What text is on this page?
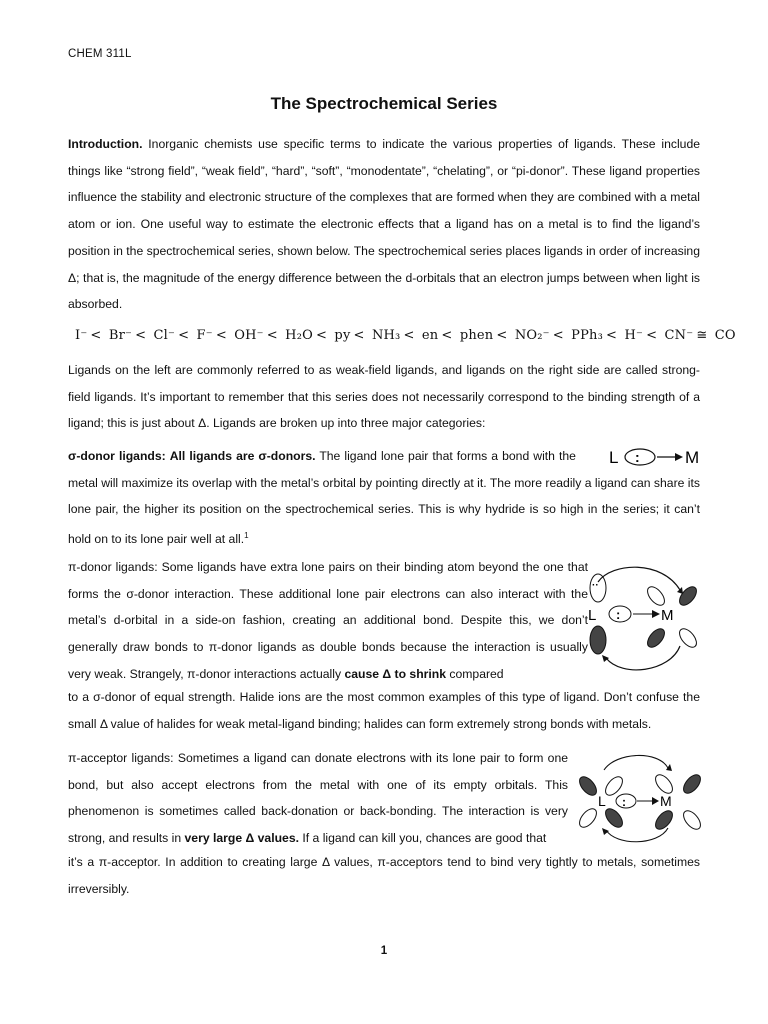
CHEM 311L
The Spectrochemical Series

Introduction. Inorganic chemists use specific terms to indicate the various properties of ligands. These include things like “strong field”, “weak field”, “hard”, “soft”, “monodentate”, “chelating”, or “pi-donor”. These ligand properties influence the stability and electronic structure of the complexes that are formed when they are combined with a metal atom or ion. One useful way to estimate the electronic effects that a ligand has on a metal is to find the ligand’s position in the spectrochemical series, shown below. The spectrochemical series places ligands in order of increasing Δ; that is, the magnitude of the energy difference between the d-orbitals that an electron jumps between when light is absorbed.

I⁻ < Br⁻ < Cl⁻ < F⁻ < OH⁻ < H₂O < py < NH₃ < en < phen < NO₂⁻ < PPh₃ < H⁻ < CN⁻ ≅ CO

Ligands on the left are commonly referred to as weak-field ligands, and ligands on the right side are called strong-field ligands. It’s important to remember that this series does not necessarily correspond to the binding strength of a ligand; this is just about Δ. Ligands are broken up into three major categories:

σ-donor ligands: All ligands are σ-donors. The ligand lone pair that forms a bond with the  metal will maximize its overlap with the metal’s orbital by pointing directly at it. The more readily a ligand can share its lone pair, the higher its position on the spectrochemical series. This is why hydride is so high in the series; it can’t hold on to its lone pair well at all.$^1$

L :	M

π-donor ligands: Some ligands have extra lone pairs on their binding atom beyond the one that forms the σ-donor interaction. These additional lone pair electrons can also interact with the metal’s d-orbital in a side-on fashion, creating an additional bond. Despite this, we don’t generally draw bonds to π-donor ligands as double bonds because the interaction is usually very weak. Strangely, π-donor interactions actually cause Δ to shrink compared

to a σ-donor of equal strength. Halide ions are the most common examples of this type of ligand. Don’t confuse the small Δ value of halides for weak metal-ligand binding; halides can form extremely strong bonds with metals.

··
L :	M

π-acceptor ligands: Sometimes a ligand can donate electrons with its lone pair to form one bond, but also accept electrons from the metal with one of its empty orbitals. This phenomenon is sometimes called back-donation or back-bonding. The interaction is very strong, and results in very large Δ values. If a ligand can kill you, chances are good that

it’s a π-acceptor. In addition to creating large Δ values, π-acceptors tend to bind very tightly to metals, sometimes irreversibly.

L : M
1
